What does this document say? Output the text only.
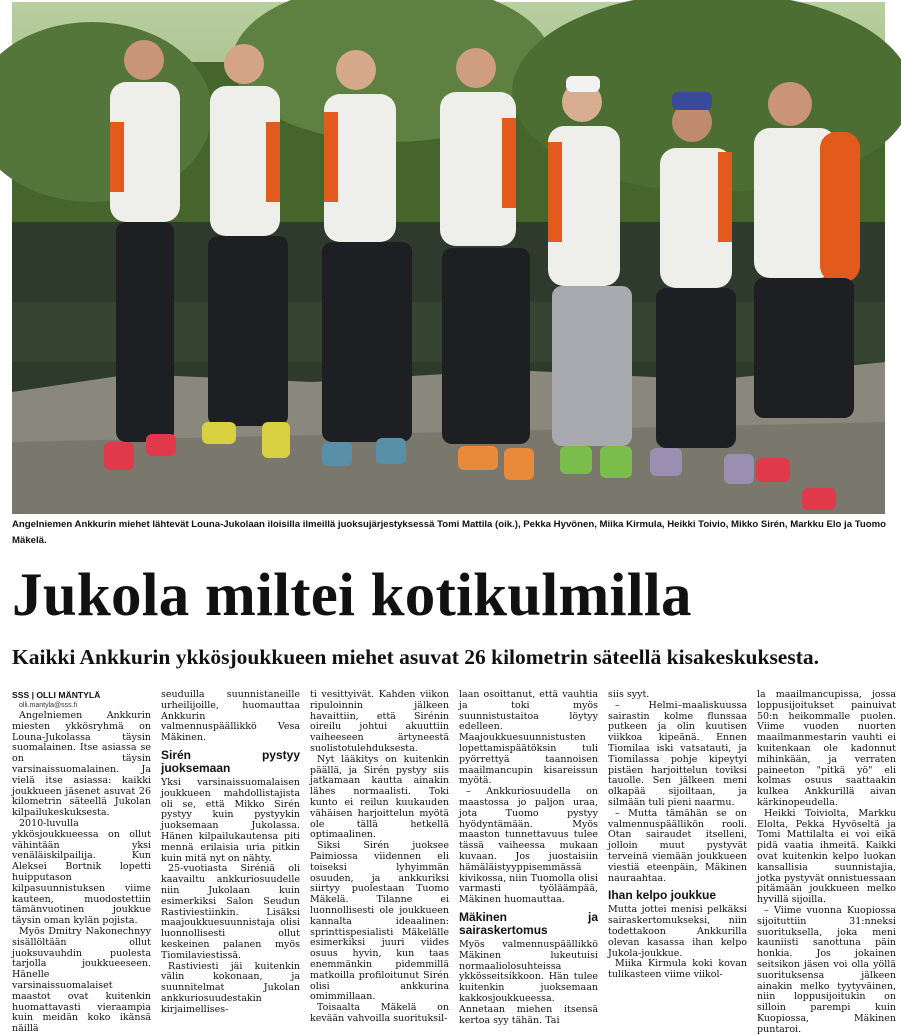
Angelniemen Ankkurin miehet lähtevät Louna-Jukolaan iloisilla ilmeillä juoksujärjestyksessä Tomi Mattila (oik.), Pekka Hyvönen, Miika Kirmula, Heikki Toivio, Mikko Sirén, Markku Elo ja Tuomo Mäkelä.

Jukola miltei kotikulmilla
Kaikki Ankkurin ykkösjoukkueen miehet asuvat 26 kilometrin säteellä kisakeskuksesta.

SSS | OLLI MÄNTYLÄ

olli.mantyla@sss.fi

Angelniemen Ankkurin miesten ykkösryhmä on Louna-Jukolassa täysin suomalainen. Itse asiassa se on täysin varsinaissuomalainen. Ja vielä itse asiassa: kaikki joukkueen jäsenet asuvat 26 kilometrin säteellä Jukolan kilpailukeskuksesta.

2010-luvulla ykkösjoukkueessa on ollut vähintään yksi venäläiskilpailija. Kun Aleksei Bortnik lopetti huipputason kilpasuunnistuksen viime kauteen, muodostettiin tämänvuotinen joukkue täysin oman kylän pojista.

Myös Dmitry Nakonechnyy sisällöltään ollut juoksuvauhdin puolesta tarjolla joukkueeseen. Hänelle varsinaissuomalaiset maastot ovat kuitenkin huomattavasti vieraampia kuin meidän koko ikänsä näillä

seuduilla suunnistaneille urheilijoille, huomauttaa Ankkurin valmennuspäällikkö Vesa Mäkinen.

Sirén pystyy juoksemaan

Yksi varsinaissuomalaisen joukkueen mahdollistajista oli se, että Mikko Sirén pystyy kuin pystyykin juoksemaan Jukolassa. Hänen kilpailukautensa piti mennä erilaisia uria pitkin kuin mitä nyt on nähty.

25-vuotiasta Siréniä oli kaavailtu ankkuriosuudelle niin Jukolaan kuin esimerkiksi Salon Seudun Rastiviestiinkin. Lisäksi maajoukkuesuunnistaja olisi luonnollisesti ollut keskeinen palanen myös Tiomilaviestissä.

Rastiviesti jäi kuitenkin välin kokonaan, ja suunnitelmat Jukolan ankkuriosuudestakin kirjaimellises-

ti vesittyivät. Kahden viikon ripuloinnin jälkeen havaittiin, että Sirénin oireilu johtui akuuttiin vaiheeseen ärtyneestä suolistotulehduksesta.

Nyt lääkitys on kuitenkin päällä, ja Sirén pystyy siis jatkamaan kautta ainakin lähes normaalisti. Toki kunto ei reilun kuukauden vähäisen harjoittelun myötä ole tällä hetkellä optimaalinen.

Siksi Sirén juoksee Paimiossa viidennen eli toiseksi lyhyimmän osuuden, ja ankkuriksi siirtyy puolestaan Tuomo Mäkelä. Tilanne ei luonnollisesti ole joukkueen kannalta ideaalinen: sprinttispesialisti Mäkelälle esimerkiksi juuri viides osuus hyvin, kun taas enemmänkin pidemmillä matkoilla profiloitunut Sirén olisi ankkurina omimmillaan.

Toisaalta Mäkelä on kevään vahvoilla suorituksil-

laan osoittanut, että vauhtia ja toki myös suunnistustaitoa löytyy edelleen. Maajoukkuesuunnistusten lopettamispäätöksin tuli pyörrettyä taannoisen maailmancupin kisareissun myötä.

– Ankkuriosuudella on maastossa jo paljon uraa, jota Tuomo pystyy hyödyntämään. Myös maaston tunnettavuus tulee tässä vaiheessa mukaan kuvaan. Jos juostaisiin hämäläistyyppisemmässä kivikossa, niin Tuomolla olisi varmasti työläämpää, Mäkinen huomauttaa.

Mäkinen ja sairaskertomus

Myös valmennuspäällikkö Mäkinen lukeutuisi normaaliolosuhteissa ykkösseitsikkoon. Hän tulee kuitenkin juoksemaan kakkosjoukkueessa. Annetaan miehen itsensä kertoa syy tähän. Tai

siis syyt.

– Helmi–maaliskuussa sairastin kolme flunssaa putkeen ja olin kuutisen viikkoa kipeänä. Ennen Tiomilaa iski vatsatauti, ja Tiomilassa pohje kipeytyi pistäen harjoittelun toviksi tauolle. Sen jälkeen meni olkapää sijoiltaan, ja silmään tuli pieni naarmu.

– Mutta tämähän se on valmennuspäällikön rooli. Otan sairaudet itselleni, jolloin muut pystyvät terveinä viemään joukkueen viestiä eteenpäin, Mäkinen nauraahtaa.

Ihan kelpo joukkue

Mutta jottei menisi pelkäksi sairaskertomukseksi, niin todettakoon Ankkurilla olevan kasassa ihan kelpo Jukola-joukkue.

Miika Kirmula koki kovan tulikasteen viime viikol-

la maailmancupissa, jossa loppusijoitukset painuivat 50:n heikommalle puolen. Viime vuoden nuorten maailmanmestarin vauhti ei kuitenkaan ole kadonnut mihinkään, ja verraten paineeton "pitkä yö" eli kolmas osuus saattaakin kulkea Ankkurillä aivan kärkinopeudella.

Heikki Toiviolta, Markku Elolta, Pekka Hyvöseltä ja Tomi Mattilalta ei voi eikä pidä vaatia ihmeitä. Kaikki ovat kuitenkin kelpo luokan kansallisia suunnistajia, jotka pystyvät onnistuessaan pitämään joukkueen melko hyvillä sijoilla.

– Viime vuonna Kuopiossa sijoituttiin 31:nneksi suorituksella, joka meni kauniisti sanottuna päin honkia. Jos jokainen seitsikon jäsen voi olla yöllä suorituksensa jälkeen ainakin melko tyytyväinen, niin loppusijoitukin on silloin parempi kuin Kuopiossa, Mäkinen puntaroi.
